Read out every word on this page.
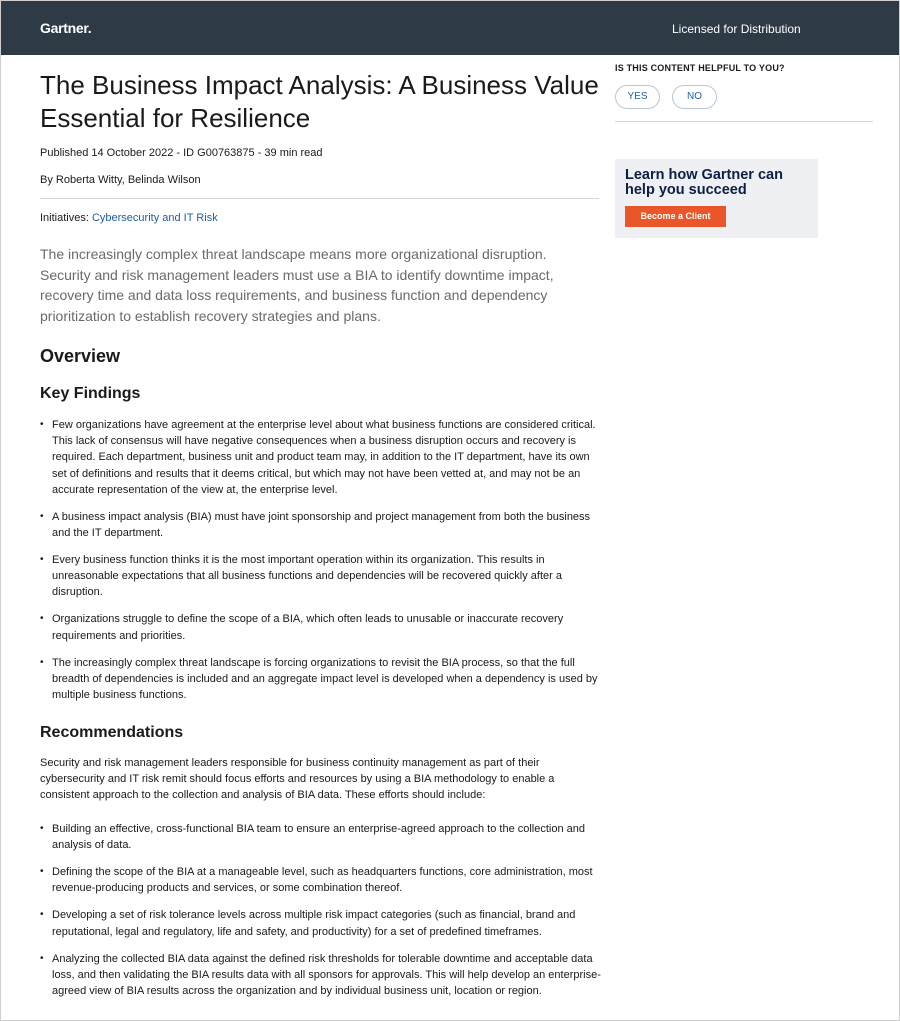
Gartner.	Licensed for Distribution
The Business Impact Analysis: A Business Value Essential for Resilience
Published 14 October 2022 - ID G00763875 - 39 min read
By Roberta Witty, Belinda Wilson
Initiatives: Cybersecurity and IT Risk

The increasingly complex threat landscape means more organizational disruption. Security and risk management leaders must use a BIA to identify downtime impact, recovery time and data loss requirements, and business function and dependency prioritization to establish recovery strategies and plans.

Overview
Key Findings
• Few organizations have agreement at the enterprise level about what business functions are considered critical. This lack of consensus will have negative consequences when a business disruption occurs and recovery is required. Each department, business unit and product team may, in addition to the IT department, have its own set of definitions and results that it deems critical, but which may not have been vetted at, and may not be an accurate representation of the view at, the enterprise level.
• A business impact analysis (BIA) must have joint sponsorship and project management from both the business and the IT department.
• Every business function thinks it is the most important operation within its organization. This results in unreasonable expectations that all business functions and dependencies will be recovered quickly after a disruption.
• Organizations struggle to define the scope of a BIA, which often leads to unusable or inaccurate recovery requirements and priorities.
• The increasingly complex threat landscape is forcing organizations to revisit the BIA process, so that the full breadth of dependencies is included and an aggregate impact level is developed when a dependency is used by multiple business functions.
Recommendations

Security and risk management leaders responsible for business continuity management as part of their cybersecurity and IT risk remit should focus efforts and resources by using a BIA methodology to enable a consistent approach to the collection and analysis of BIA data. These efforts should include:

• Building an effective, cross-functional BIA team to ensure an enterprise-agreed approach to the collection and analysis of data.
• Defining the scope of the BIA at a manageable level, such as headquarters functions, core administration, most revenue-producing products and services, or some combination thereof.
• Developing a set of risk tolerance levels across multiple risk impact categories (such as financial, brand and reputational, legal and regulatory, life and safety, and productivity) for a set of predefined timeframes.
• Analyzing the collected BIA data against the defined risk thresholds for tolerable downtime and acceptable data loss, and then validating the BIA results data with all sponsors for approvals. This will help develop an enterprise-agreed view of BIA results across the organization and by individual business unit, location or region.
IS THIS CONTENT HELPFUL TO YOU?
YES	NO
Learn how Gartner can help you succeed
Become a Client
